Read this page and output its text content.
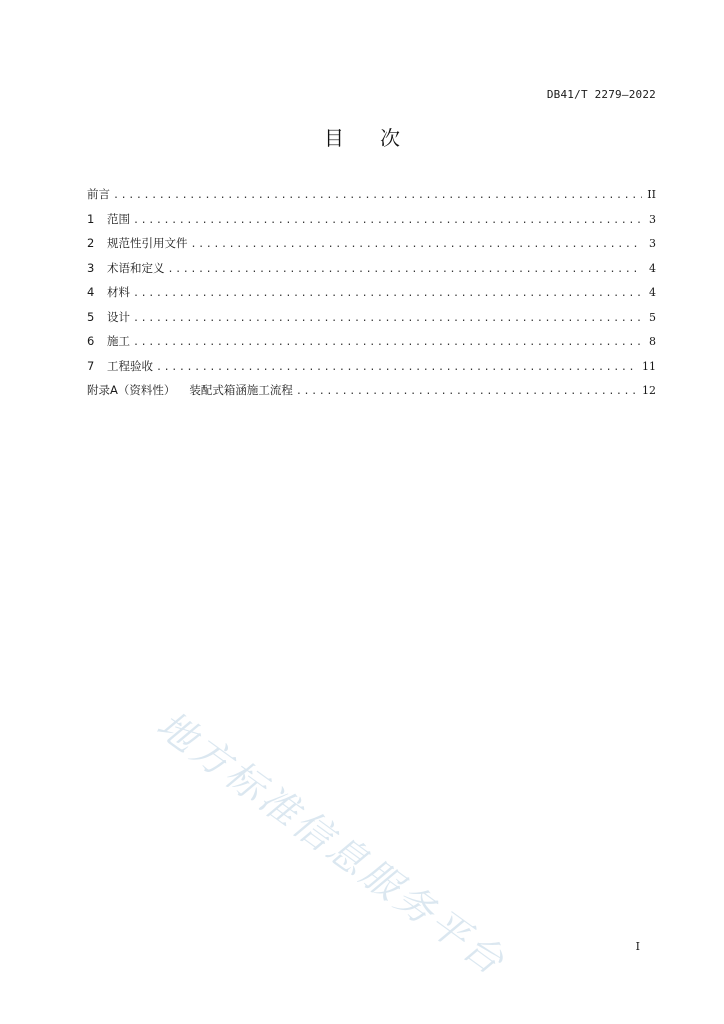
DB41/T 2279—2022
目次
前言 .....	II
1	范围 .....	3
2	规范性引用文件 .....	3
3	术语和定义 .....	4
4	材料 .....	4
5	设计 .....	5
6	施工 .....	8
7	工程验收 .....	11
附录A（资料性） 装配式箱涵施工流程 .....	12
地方标准信息服务平台	I
